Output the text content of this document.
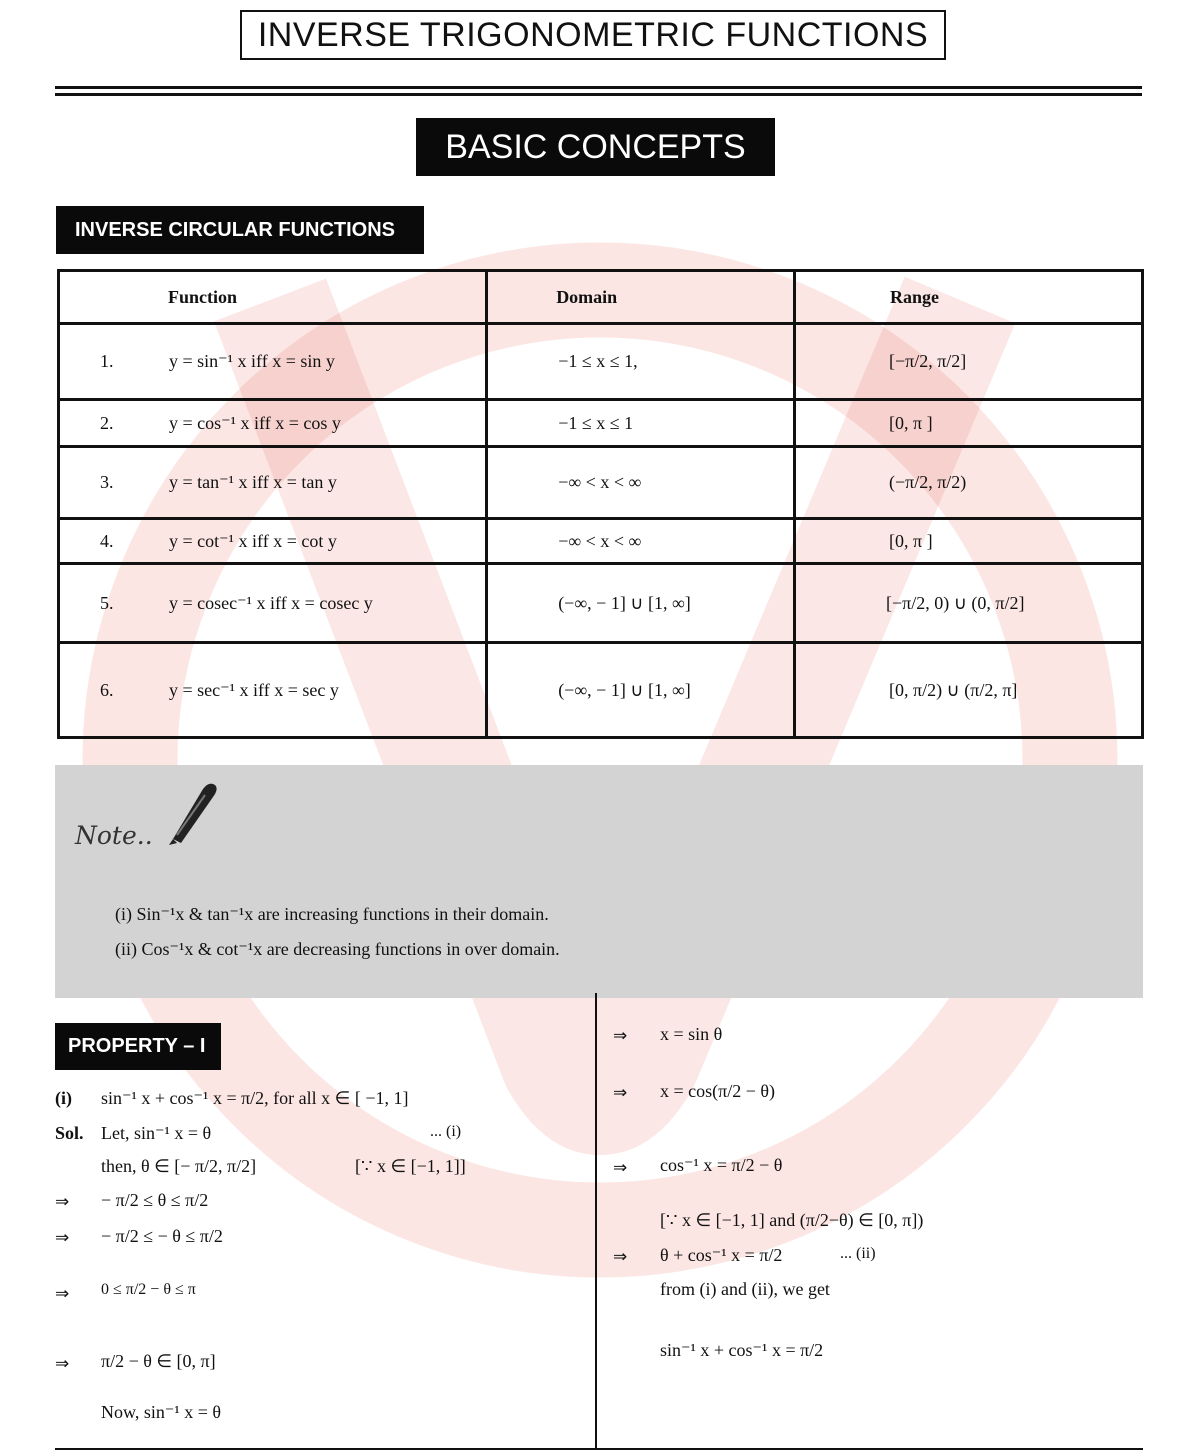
INVERSE TRIGONOMETRIC FUNCTIONS
BASIC CONCEPTS
INVERSE CIRCULAR FUNCTIONS
Function	Domain	Range

1. y = sin⁻¹ x iff x = sin y	−1 ≤ x ≤ 1,	[−π/2, π/2]

2. y = cos⁻¹ x iff x = cos y	−1 ≤ x ≤ 1	[0, π ]

3. y = tan⁻¹ x iff x = tan y	−∞ < x < ∞	(−π/2, π/2)

4. y = cot⁻¹ x iff x = cot y	−∞ < x < ∞	[0, π ]

5. y = cosec⁻¹ x iff x = cosec y	(−∞, − 1] ∪ [1, ∞]	[−π/2, 0) ∪ (0, π/2]

6. y = sec⁻¹ x iff x = sec y	(−∞, − 1] ∪ [1, ∞]	[0, π/2) ∪ (π/2, π]
Note..
(i) Sin⁻¹x & tan⁻¹x are increasing functions in their domain.
(ii) Cos⁻¹x & cot⁻¹x are decreasing functions in over domain.
PROPERTY – I
(i) sin⁻¹ x + cos⁻¹ x = π/2, for all x ∈ [ −1, 1]
Sol. Let, sin⁻¹ x = θ	... (i)
then, θ ∈ [− π/2, π/2]	[∵ x ∈ [−1, 1]]
⇒ − π/2 ≤ θ ≤ π/2
⇒ − π/2 ≤ − θ ≤ π/2
⇒ 0 ≤ π/2 − θ ≤ π
⇒ π/2 − θ ∈ [0, π]
Now, sin⁻¹ x = θ
⇒ x = sin θ
⇒ x = cos(π/2 − θ)
⇒ cos⁻¹ x = π/2 − θ
[∵ x ∈ [−1, 1] and (π/2−θ) ∈ [0, π])
⇒ θ + cos⁻¹ x = π/2	... (ii)
from (i) and (ii), we get
sin⁻¹ x + cos⁻¹ x = π/2
